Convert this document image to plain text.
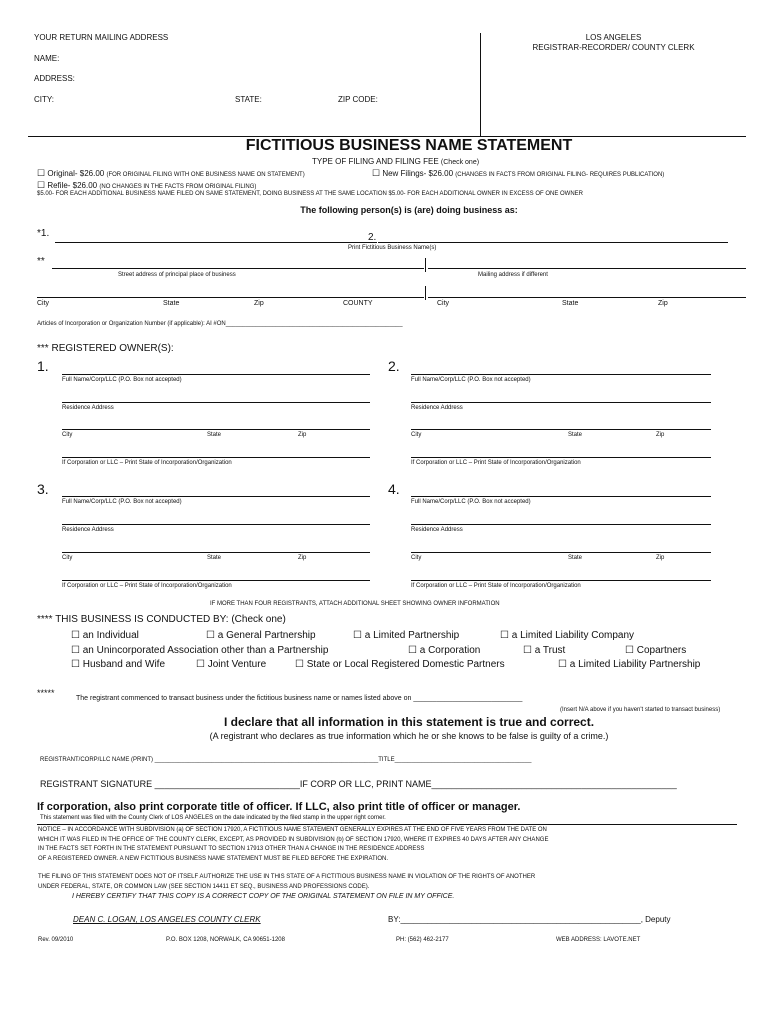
YOUR RETURN MAILING ADDRESS
NAME:
ADDRESS:
CITY:	STATE:	ZIP CODE:
LOS ANGELES
REGISTRAR-RECORDER/ COUNTY CLERK
FICTITIOUS BUSINESS NAME STATEMENT
TYPE OF FILING AND FILING FEE (Check one)
☐ Original- $26.00 (FOR ORIGINAL FILING WITH ONE BUSINESS NAME ON STATEMENT)	☐ New Filings- $26.00 (CHANGES IN FACTS FROM ORIGINAL FILING- REQUIRES PUBLICATION)
☐ Refile- $26.00 (NO CHANGES IN THE FACTS FROM ORIGINAL FILING)
$5.00- FOR EACH ADDITIONAL BUSINESS NAME FILED ON SAME STATEMENT, DOING BUSINESS AT THE SAME LOCATION $5.00- FOR EACH ADDITIONAL OWNER IN EXCESS OF ONE OWNER
The following person(s) is (are) doing business as:
*1.	2.
Print Fictitious Business Name(s)
**
Street address of principal place of business	Mailing address if different
City	State	Zip	COUNTY	City	State	Zip
Articles of Incorporation or Organization Number (if applicable): AI #ON_____________________________________________________
*** REGISTERED OWNER(S):
1.
Full Name/Corp/LLC (P.O. Box not accepted)
Residence Address
City	State	Zip
If Corporation or LLC – Print State of Incorporation/Organization
2.
Full Name/Corp/LLC (P.O. Box not accepted)
Residence Address
City	State	Zip
If Corporation or LLC – Print State of Incorporation/Organization
3.
Full Name/Corp/LLC (P.O. Box not accepted)
Residence Address
City	State	Zip
If Corporation or LLC – Print State of Incorporation/Organization
4.
Full Name/Corp/LLC (P.O. Box not accepted)
Residence Address
City	State	Zip
If Corporation or LLC – Print State of Incorporation/Organization
IF MORE THAN FOUR REGISTRANTS, ATTACH ADDITIONAL SHEET SHOWING OWNER INFORMATION
**** THIS BUSINESS IS CONDUCTED BY: (Check one)
☐ an Individual	☐ a General Partnership	☐ a Limited Partnership	☐ a Limited Liability Company
☐ an Unincorporated Association other than a Partnership	☐ a Corporation	☐ a Trust	☐ Copartners
☐ Husband and Wife	☐ Joint Venture	☐ State or Local Registered Domestic Partners	☐ a Limited Liability Partnership
*****
The registrant commenced to transact business under the fictitious business name or names listed above on ____________________________
(Insert N/A above if you haven't started to transact business)
I declare that all information in this statement is true and correct.
(A registrant who declares as true information which he or she knows to be false is guilty of a crime.)
REGISTRANT/CORP/LLC NAME (PRINT) ___________________________________________________________________TITLE_________________________________________
REGISTRANT SIGNATURE _____________________________IF CORP OR LLC, PRINT NAME_________________________________________________
If corporation, also print corporate title of officer. If LLC, also print title of officer or manager.
This statement was filed with the County Clerk of LOS ANGELES on the date indicated by the filed stamp in the upper right corner.
NOTICE – IN ACCORDANCE WITH SUBDIVISION (a) OF SECTION 17920, A FICTITIOUS NAME STATEMENT GENERALLY EXPIRES AT THE END OF FIVE YEARS FROM THE DATE ON
WHICH IT WAS FILED IN THE OFFICE OF THE COUNTY CLERK, EXCEPT, AS PROVIDED IN SUBDIVISION (b) OF SECTION 17920, WHERE IT EXPIRES 40 DAYS AFTER ANY CHANGE
IN THE FACTS SET FORTH IN THE STATEMENT PURSUANT TO SECTION 17913 OTHER THAN A CHANGE IN THE RESIDENCE ADDRESS
OF A REGISTERED OWNER. A NEW FICTITIOUS BUSINESS NAME STATEMENT MUST BE FILED BEFORE THE EXPIRATION.
THE FILING OF THIS STATEMENT DOES NOT OF ITSELF AUTHORIZE THE USE IN THIS STATE OF A FICTITIOUS BUSINESS NAME IN VIOLATION OF THE RIGHTS OF ANOTHER
UNDER FEDERAL, STATE, OR COMMON LAW (SEE SECTION 14411 ET SEQ., BUSINESS AND PROFESSIONS CODE).
I HEREBY CERTIFY THAT THIS COPY IS A CORRECT COPY OF THE ORIGINAL STATEMENT ON FILE IN MY OFFICE.
DEAN C. LOGAN, LOS ANGELES COUNTY CLERK	BY:______________________________________________________, Deputy
Rev. 09/2010	P.O. BOX 1208, NORWALK, CA 90651-1208	PH: (562) 462-2177	WEB ADDRESS: LAVOTE.NET
